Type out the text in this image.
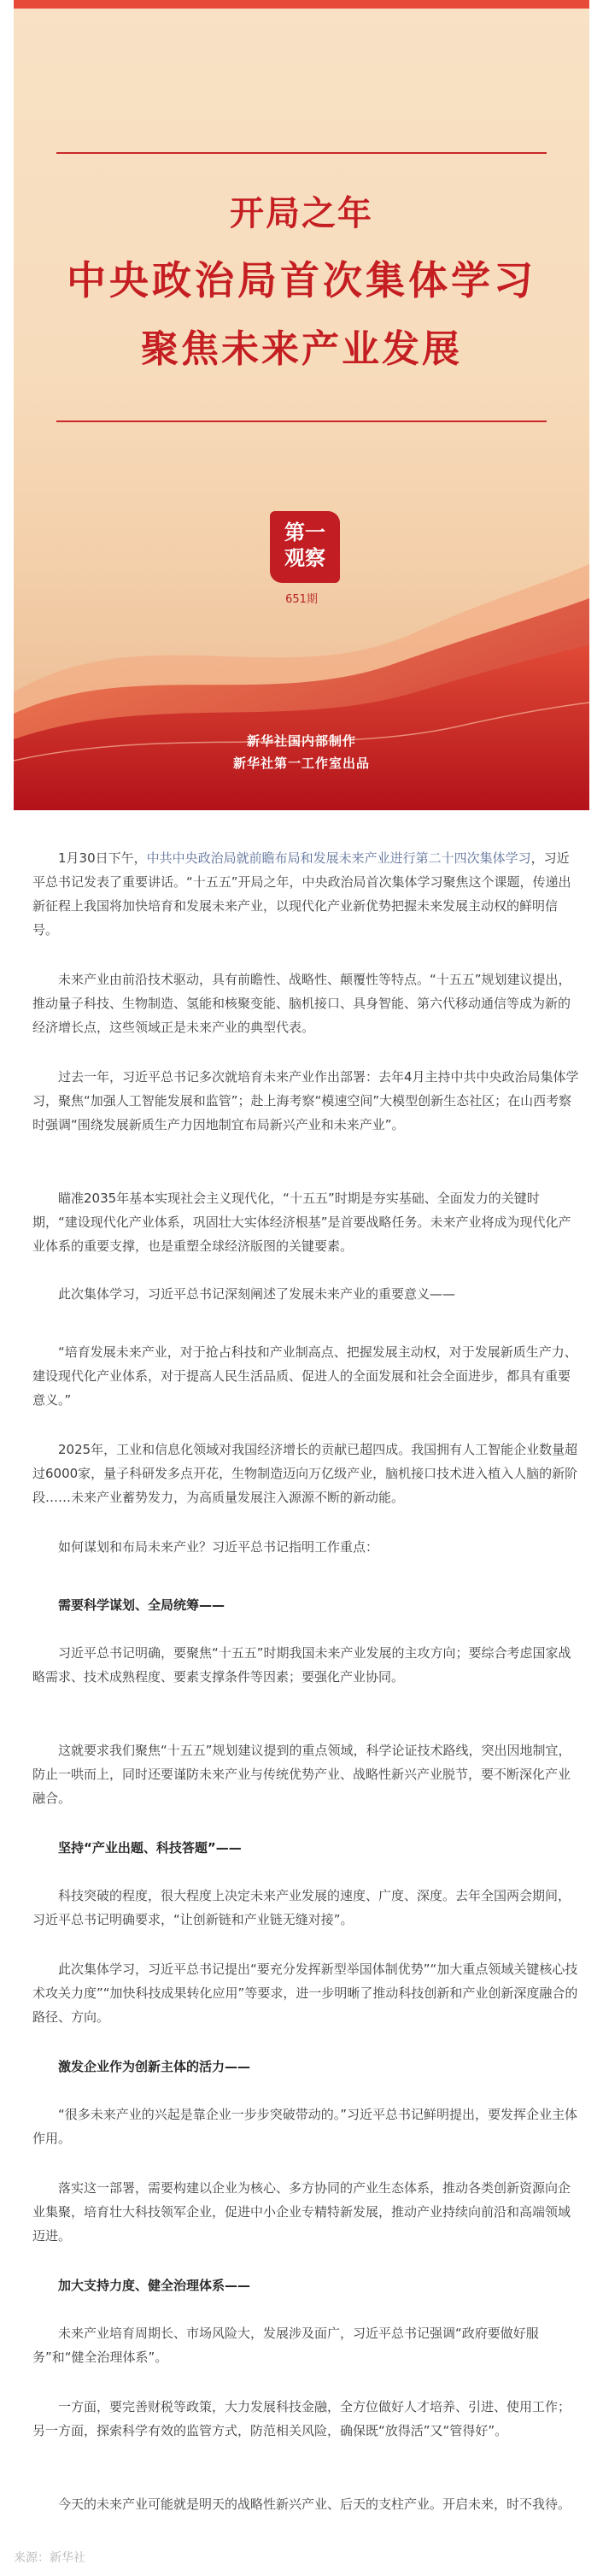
开局之年
中央政治局首次集体学习
聚焦未来产业发展
第一
观察
651期
新华社国内部制作
新华社第一工作室出品

1月30日下午，中共中央政治局就前瞻布局和发展未来产业进行第二十四次集体学习，习近平总书记发表了重要讲话。“十五五”开局之年，中央政治局首次集体学习聚焦这个课题，传递出新征程上我国将加快培育和发展未来产业，以现代化产业新优势把握未来发展主动权的鲜明信号。

未来产业由前沿技术驱动，具有前瞻性、战略性、颠覆性等特点。“十五五”规划建议提出，推动量子科技、生物制造、氢能和核聚变能、脑机接口、具身智能、第六代移动通信等成为新的经济增长点，这些领域正是未来产业的典型代表。

过去一年，习近平总书记多次就培育未来产业作出部署：去年4月主持中共中央政治局集体学习，聚焦“加强人工智能发展和监管”；赴上海考察“模速空间”大模型创新生态社区；在山西考察时强调“围绕发展新质生产力因地制宜布局新兴产业和未来产业”。

瞄准2035年基本实现社会主义现代化，“十五五”时期是夯实基础、全面发力的关键时期，“建设现代化产业体系，巩固壮大实体经济根基”是首要战略任务。未来产业将成为现代化产业体系的重要支撑，也是重塑全球经济版图的关键要素。

此次集体学习，习近平总书记深刻阐述了发展未来产业的重要意义——

“培育发展未来产业，对于抢占科技和产业制高点、把握发展主动权，对于发展新质生产力、建设现代化产业体系，对于提高人民生活品质、促进人的全面发展和社会全面进步，都具有重要意义。”

2025年，工业和信息化领域对我国经济增长的贡献已超四成。我国拥有人工智能企业数量超过6000家，量子科研发多点开花，生物制造迈向万亿级产业，脑机接口技术进入植入人脑的新阶段……未来产业蓄势发力，为高质量发展注入源源不断的新动能。

如何谋划和布局未来产业？习近平总书记指明工作重点：

需要科学谋划、全局统筹——

习近平总书记明确，要聚焦“十五五”时期我国未来产业发展的主攻方向；要综合考虑国家战略需求、技术成熟程度、要素支撑条件等因素；要强化产业协同。

这就要求我们聚焦“十五五”规划建议提到的重点领域，科学论证技术路线，突出因地制宜，防止一哄而上，同时还要谨防未来产业与传统优势产业、战略性新兴产业脱节，要不断深化产业融合。

坚持“产业出题、科技答题”——

科技突破的程度，很大程度上决定未来产业发展的速度、广度、深度。去年全国两会期间，习近平总书记明确要求，“让创新链和产业链无缝对接”。

此次集体学习，习近平总书记提出“要充分发挥新型举国体制优势”“加大重点领域关键核心技术攻关力度”“加快科技成果转化应用”等要求，进一步明晰了推动科技创新和产业创新深度融合的路径、方向。

激发企业作为创新主体的活力——

“很多未来产业的兴起是靠企业一步步突破带动的。”习近平总书记鲜明提出，要发挥企业主体作用。

落实这一部署，需要构建以企业为核心、多方协同的产业生态体系，推动各类创新资源向企业集聚，培育壮大科技领军企业，促进中小企业专精特新发展，推动产业持续向前沿和高端领域迈进。

加大支持力度、健全治理体系——

未来产业培育周期长、市场风险大，发展涉及面广，习近平总书记强调“政府要做好服务”和“健全治理体系”。

一方面，要完善财税等政策，大力发展科技金融，全方位做好人才培养、引进、使用工作；另一方面，探索科学有效的监管方式，防范相关风险，确保既“放得活”又“管得好”。

今天的未来产业可能就是明天的战略性新兴产业、后天的支柱产业。开启未来，时不我待。

来源：新华社
